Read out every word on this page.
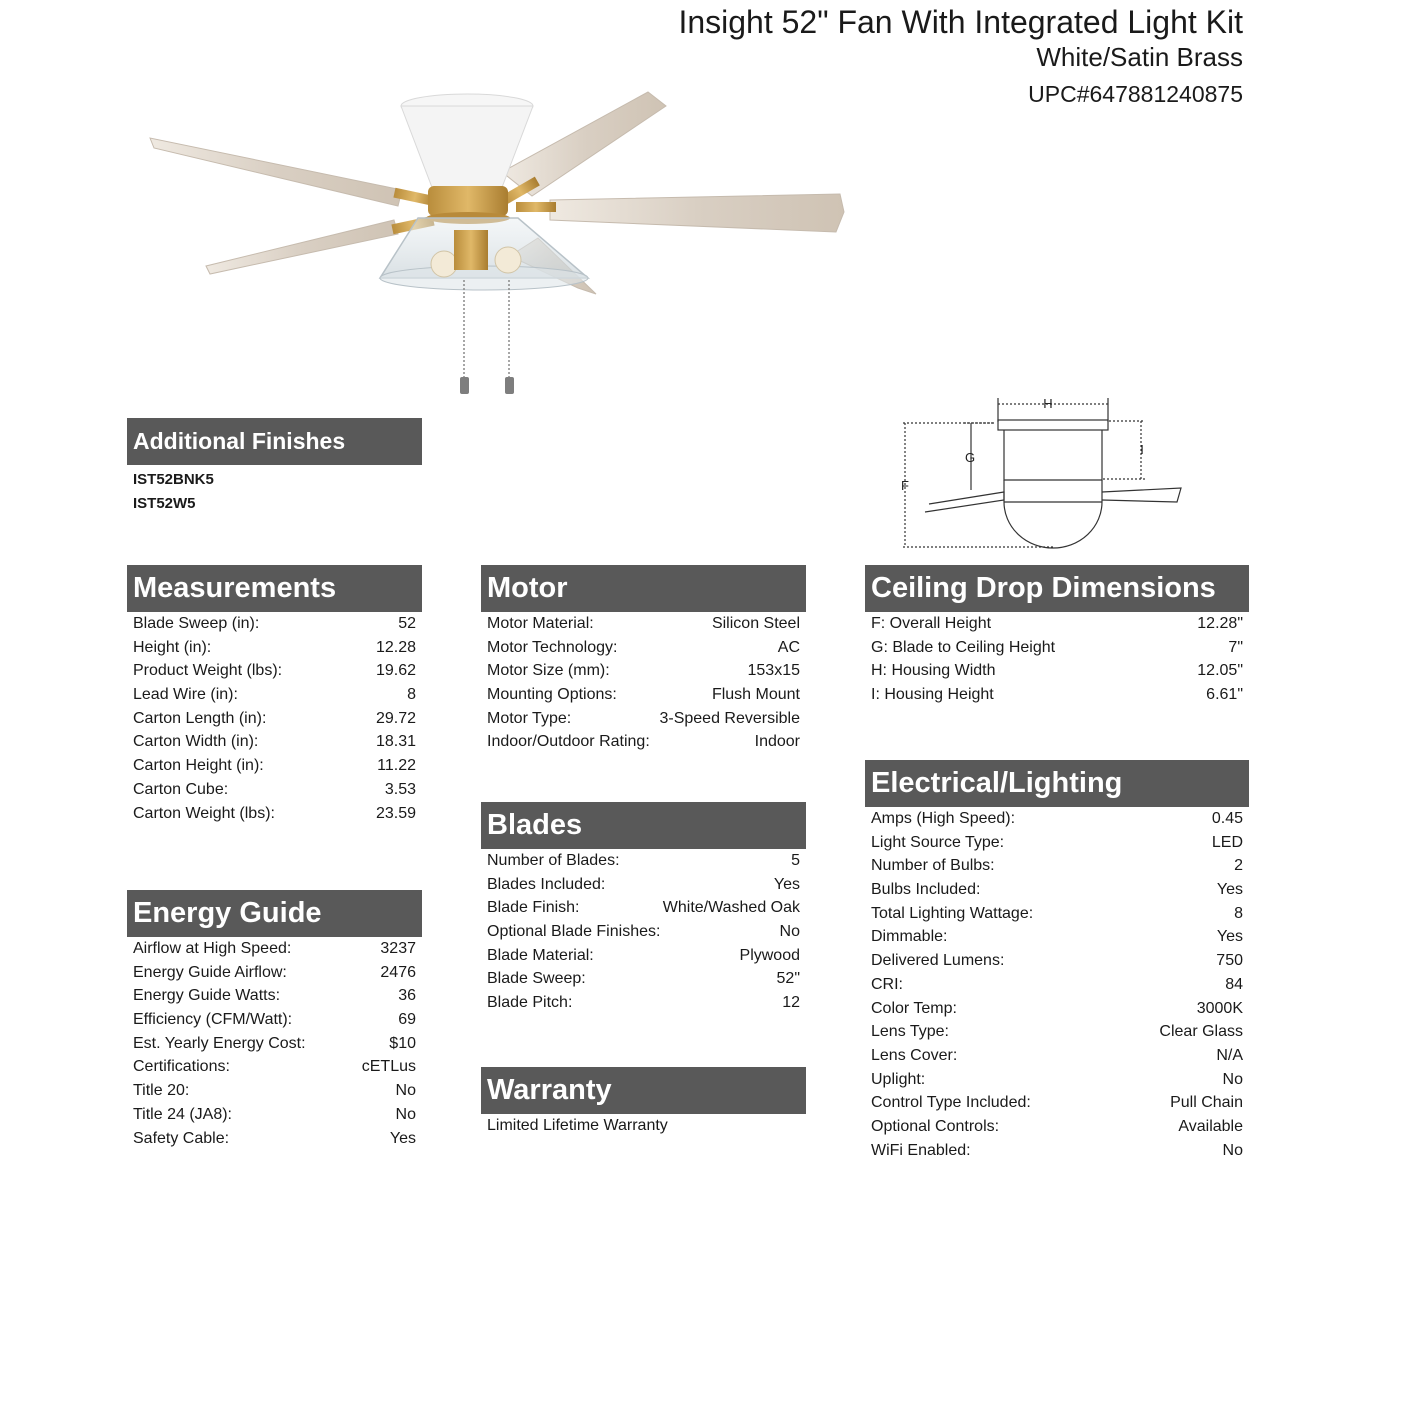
Insight 52" Fan With Integrated Light Kit
White/Satin Brass
UPC#647881240875
H
G
I
F
Additional Finishes
IST52BNK5
IST52W5
Measurements
Blade Sweep (in):	52
Height (in):	12.28
Product Weight (lbs):	19.62
Lead Wire (in):	8
Carton Length (in):	29.72
Carton Width (in):	18.31
Carton Height (in):	11.22
Carton Cube:	3.53
Carton Weight (lbs):	23.59
Energy Guide
Airflow at High Speed:	3237
Energy Guide Airflow:	2476
Energy Guide Watts:	36
Efficiency (CFM/Watt):	69
Est. Yearly Energy Cost:	$10
Certifications:	cETLus
Title 20:	No
Title 24 (JA8):	No
Safety Cable:	Yes
Motor
Motor Material:	Silicon Steel
Motor Technology:	AC
Motor Size (mm):	153x15
Mounting Options:	Flush Mount
Motor Type:	3-Speed Reversible
Indoor/Outdoor Rating:	Indoor
Blades
Number of Blades:	5
Blades Included:	Yes
Blade Finish:	White/Washed Oak
Optional Blade Finishes:	No
Blade Material:	Plywood
Blade Sweep:	52"
Blade Pitch:	12
Warranty
Limited Lifetime Warranty
Ceiling Drop Dimensions
F: Overall Height	12.28"
G: Blade to Ceiling Height	7"
H: Housing Width	12.05"
I: Housing Height	6.61"
Electrical/Lighting
Amps (High Speed):	0.45
Light Source Type:	LED
Number of Bulbs:	2
Bulbs Included:	Yes
Total Lighting Wattage:	8
Dimmable:	Yes
Delivered Lumens:	750
CRI:	84
Color Temp:	3000K
Lens Type:	Clear Glass
Lens Cover:	N/A
Uplight:	No
Control Type Included:	Pull Chain
Optional Controls:	Available
WiFi Enabled:	No
